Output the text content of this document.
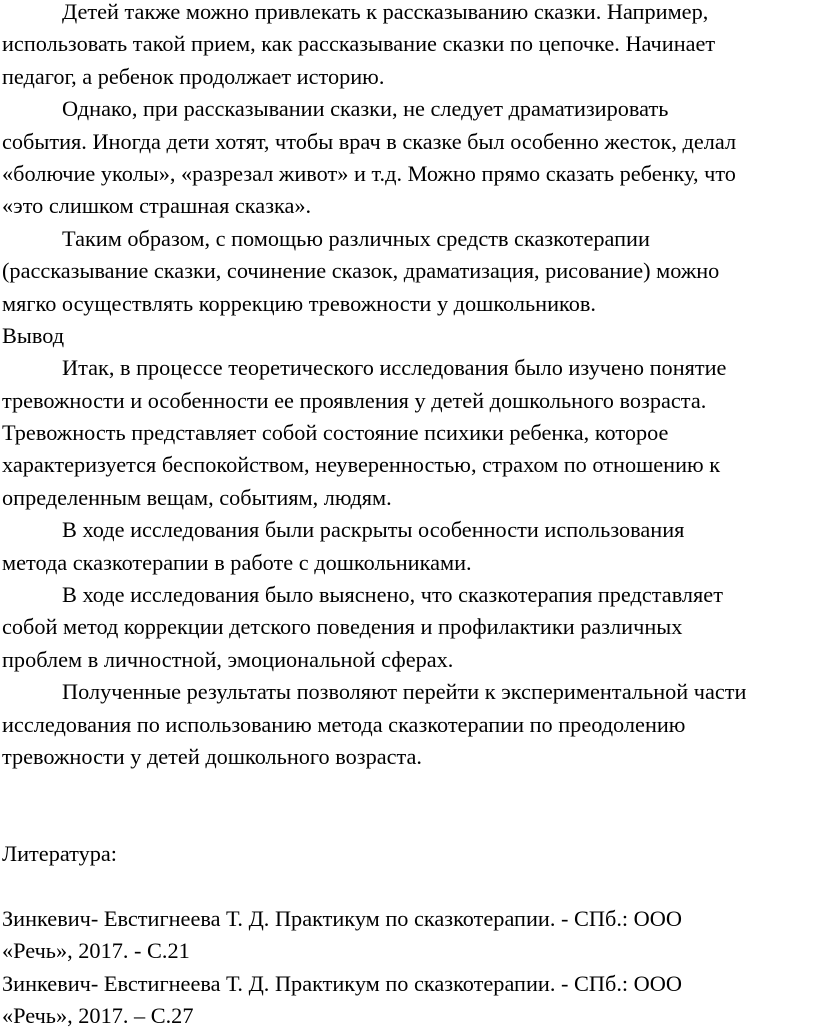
Детей также можно привлекать к рассказыванию сказки. Например,
использовать такой прием, как рассказывание сказки по цепочке. Начинает
педагог, а ребенок продолжает историю.
Однако, при рассказывании сказки, не следует драматизировать
события. Иногда дети хотят, чтобы врач в сказке был особенно жесток, делал
«болючие уколы», «разрезал живот» и т.д. Можно прямо сказать ребенку, что
«это слишком страшная сказка».
Таким образом, с помощью различных средств сказкотерапии
(рассказывание сказки, сочинение сказок, драматизация, рисование) можно
мягко осуществлять коррекцию тревожности у дошкольников.
Вывод
Итак, в процессе теоретического исследования было изучено понятие
тревожности и особенности ее проявления у детей дошкольного возраста.
Тревожность представляет собой состояние психики ребенка, которое
характеризуется беспокойством, неуверенностью, страхом по отношению к
определенным вещам, событиям, людям.
В ходе исследования были раскрыты особенности использования
метода сказкотерапии в работе с дошкольниками.
В ходе исследования было выяснено, что сказкотерапия представляет
собой метод коррекции детского поведения и профилактики различных
проблем в личностной, эмоциональной сферах.
Полученные результаты позволяют перейти к экспериментальной части
исследования по использованию метода сказкотерапии по преодолению
тревожности у детей дошкольного возраста.
Литература:
Зинкевич- Евстигнеева Т. Д. Практикум по сказкотерапии. - СПб.: ООО
«Речь», 2017. - С.21
Зинкевич- Евстигнеева Т. Д. Практикум по сказкотерапии. - СПб.: ООО
«Речь», 2017. – С.27
